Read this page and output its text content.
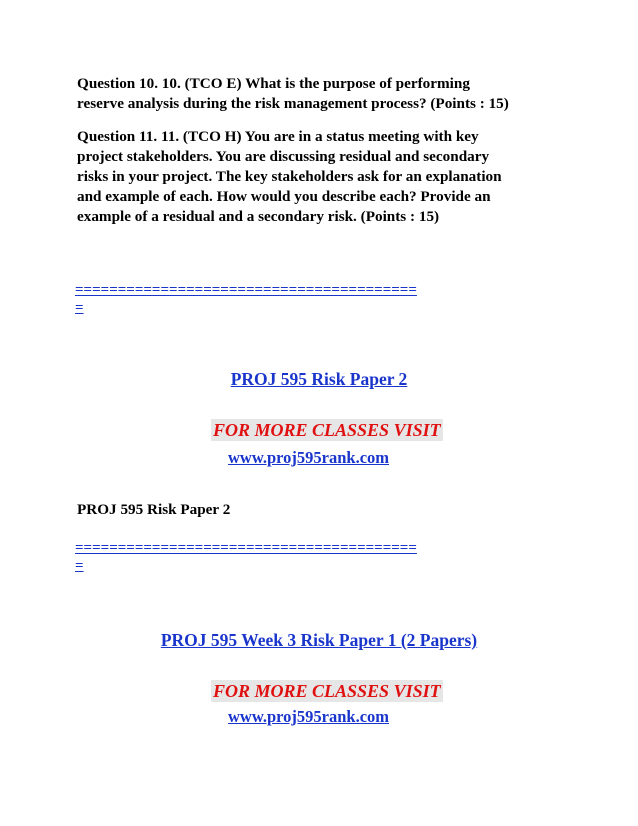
Question 10. 10. (TCO E) What is the purpose of performing
reserve analysis during the risk management process? (Points : 15)

Question 11. 11. (TCO H) You are in a status meeting with key
project stakeholders. You are discussing residual and secondary
risks in your project. The key stakeholders ask for an explanation
and example of each. How would you describe each? Provide an
example of a residual and a secondary risk. (Points : 15)

========================================
=
PROJ 595 Risk Paper 2
FOR MORE CLASSES VISIT
www.proj595rank.com
PROJ 595 Risk Paper 2
========================================
=
PROJ 595 Week 3 Risk Paper 1 (2 Papers)
FOR MORE CLASSES VISIT
www.proj595rank.com
